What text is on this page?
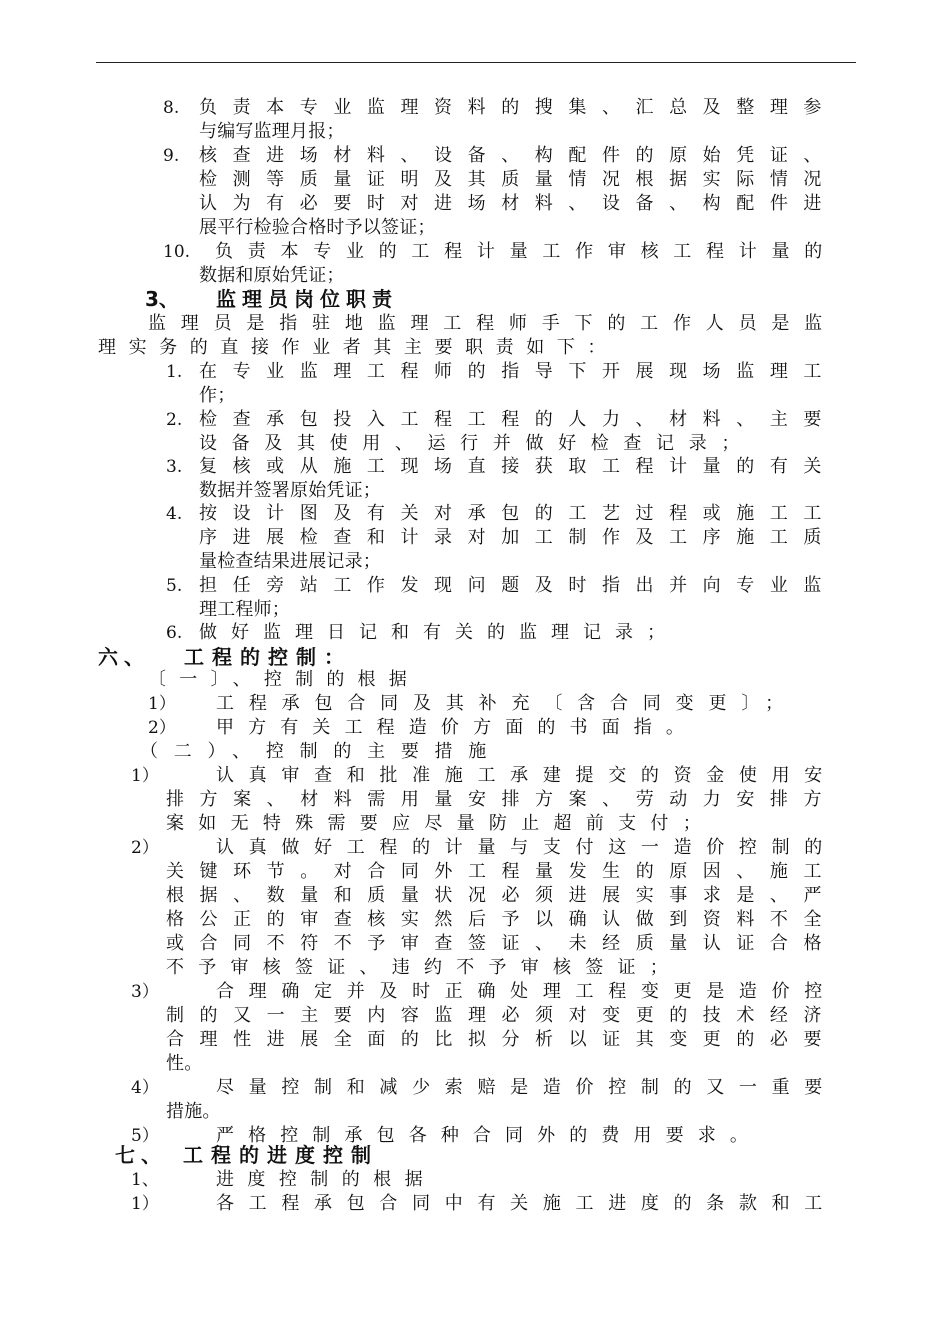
8. 负责本专业监理资料的搜集、汇总及整理参
与编写监理月报；
9. 核查进场材料、设备、构配件的原始凭证、
检测等质量证明及其质量情况根据实际情况
认为有必要时对进场材料、设备、构配件进
展平行检验合格时予以签证；
10. 负责本专业的工程计量工作审核工程计量的
数据和原始凭证；
3、 监理员岗位职责
监理员是指驻地监理工程师手下的工作人员是监
理实务的直接作业者其主要职责如下：
1. 在专业监理工程师的指导下开展现场监理工
作；
2. 检查承包投入工程工程的人力、材料、主要
设备及其使用、运行并做好检查记录；
3. 复核或从施工现场直接获取工程计量的有关
数据并签署原始凭证；
4. 按设计图及有关对承包的工艺过程或施工工
序进展检查和计录对加工制作及工序施工质
量检查结果进展记录；
5. 担任旁站工作发现问题及时指出并向专业监
理工程师；
6. 做好监理日记和有关的监理记录；
六、 工程的控制：
〔一〕、控制的根据
1） 工程承包合同及其补充〔含合同变更〕；
2） 甲方有关工程造价方面的书面指。
（二）、控制的主要措施
1）	认真审查和批准施工承建提交的资金使用安
排方案、材料需用量安排方案、劳动力安排方
案如无特殊需要应尽量防止超前支付；
2）	认真做好工程的计量与支付这一造价控制的
关键环节。对合同外工程量发生的原因、施工
根据、数量和质量状况必须进展实事求是、严
格公正的审查核实然后予以确认做到资料不全
或合同不符不予审查签证、未经质量认证合格
不予审核签证、违约不予审核签证；
3）	合理确定并及时正确处理工程变更是造价控
制的又一主要内容监理必须对变更的技术经济
合理性进展全面的比拟分析以证其变更的必要
性。
4）	尽量控制和减少索赔是造价控制的又一重要
措施。
5）	严格控制承包各种合同外的费用要求。
七、 工程的进度控制
1、	进度控制的根据
1）	各工程承包合同中有关施工进度的条款和工
